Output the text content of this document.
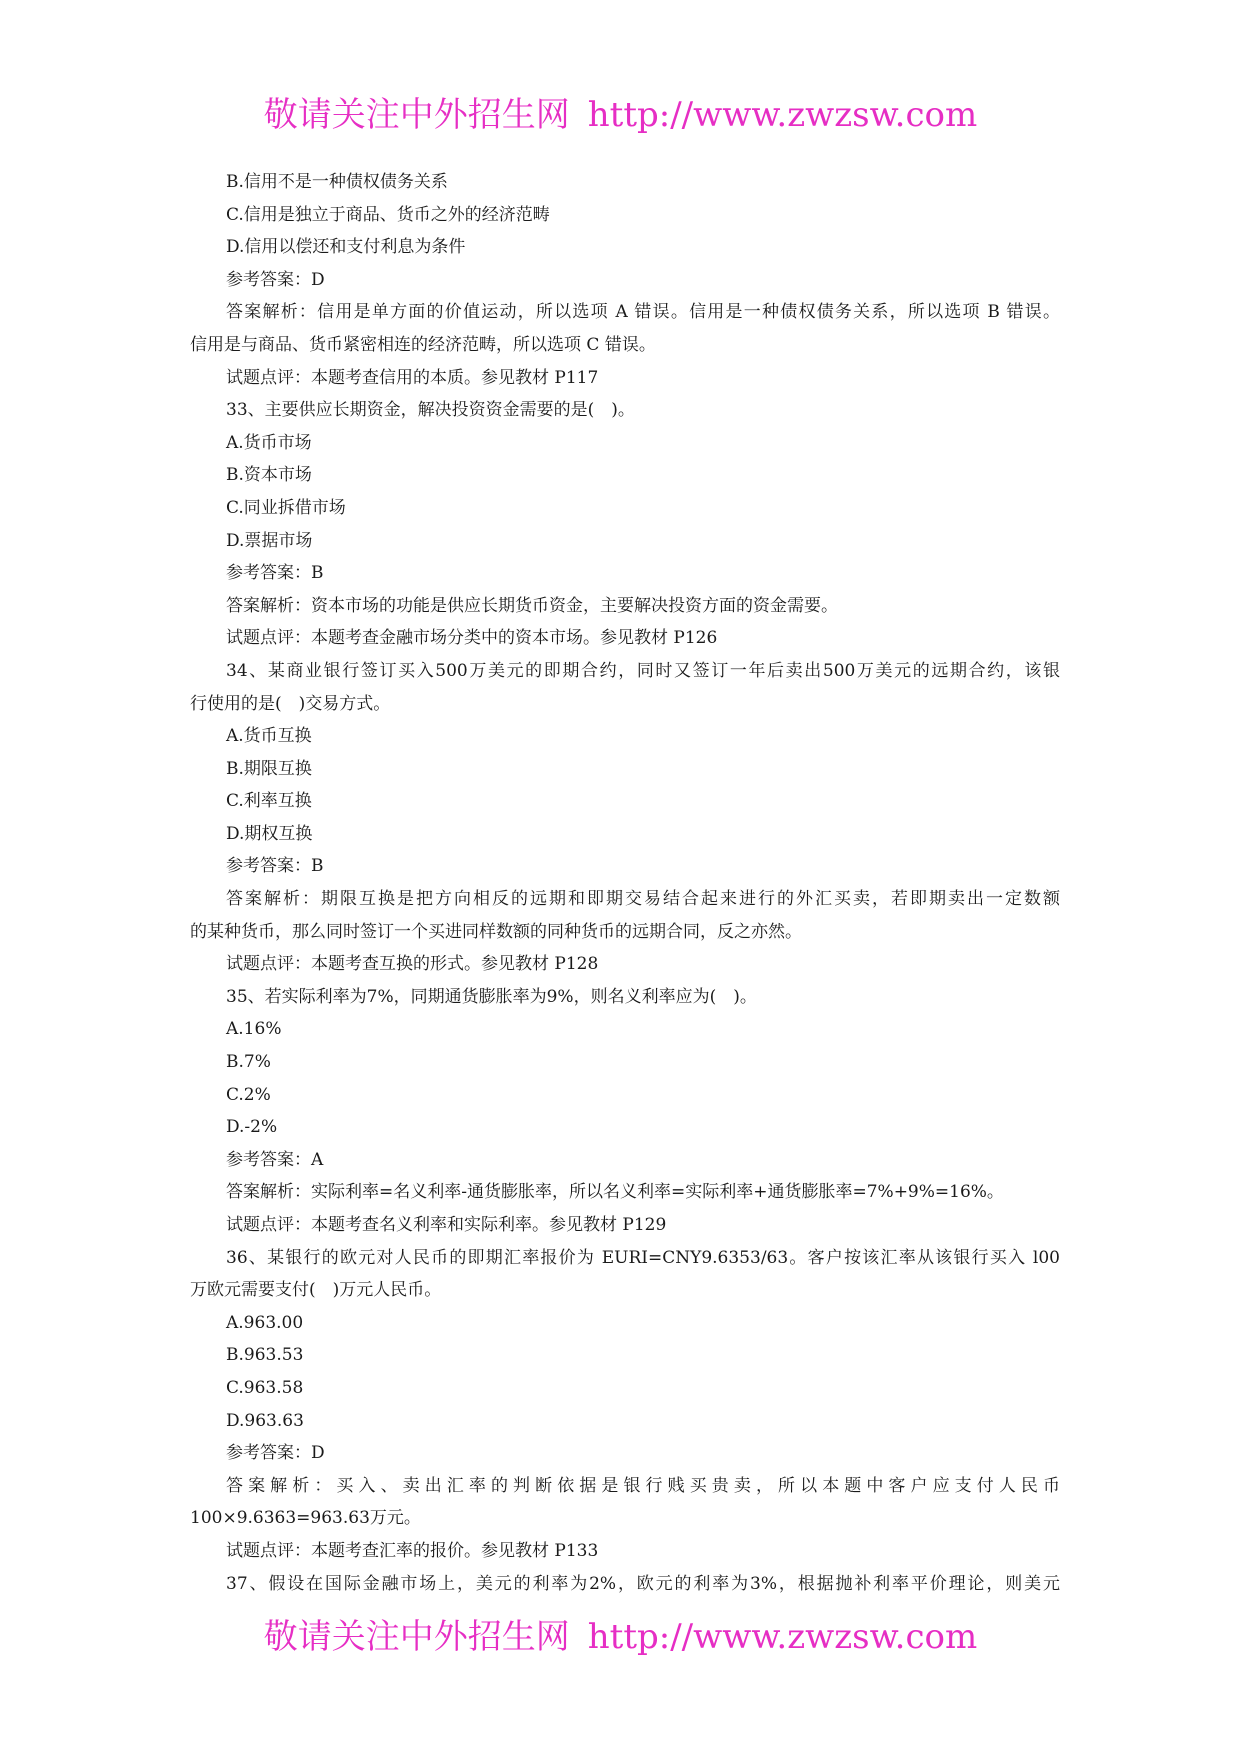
敬请关注中外招生网 http://www.zwzsw.com
B.信用不是一种债权债务关系
C.信用是独立于商品、货币之外的经济范畴
D.信用以偿还和支付利息为条件
参考答案：D
答案解析：信用是单方面的价值运动，所以选项 A 错误。信用是一种债权债务关系，所以选项 B 错误。
信用是与商品、货币紧密相连的经济范畴，所以选项 C 错误。
试题点评：本题考查信用的本质。参见教材 P117
33、主要供应长期资金，解决投资资金需要的是(　)。
A.货币市场
B.资本市场
C.同业拆借市场
D.票据市场
参考答案：B
答案解析：资本市场的功能是供应长期货币资金，主要解决投资方面的资金需要。
试题点评：本题考查金融市场分类中的资本市场。参见教材 P126
34、某商业银行签订买入500万美元的即期合约，同时又签订一年后卖出500万美元的远期合约，该银
行使用的是(　)交易方式。
A.货币互换
B.期限互换
C.利率互换
D.期权互换
参考答案：B
答案解析：期限互换是把方向相反的远期和即期交易结合起来进行的外汇买卖，若即期卖出一定数额
的某种货币，那么同时签订一个买进同样数额的同种货币的远期合同，反之亦然。
试题点评：本题考查互换的形式。参见教材 P128
35、若实际利率为7%，同期通货膨胀率为9%，则名义利率应为(　)。
A.16%
B.7%
C.2%
D.-2%
参考答案：A
答案解析：实际利率=名义利率-通货膨胀率，所以名义利率=实际利率+通货膨胀率=7%+9%=16%。
试题点评：本题考查名义利率和实际利率。参见教材 P129
36、某银行的欧元对人民币的即期汇率报价为 EURI=CNY9.6353/63。客户按该汇率从该银行买入 l00
万欧元需要支付(　)万元人民币。
A.963.00
B.963.53
C.963.58
D.963.63
参考答案：D
答案解析：买入、卖出汇率的判断依据是银行贱买贵卖，所以本题中客户应支付人民币
100×9.6363=963.63万元。
试题点评：本题考查汇率的报价。参见教材 P133
37、假设在国际金融市场上，美元的利率为2%，欧元的利率为3%，根据抛补利率平价理论，则美元
敬请关注中外招生网 http://www.zwzsw.com
